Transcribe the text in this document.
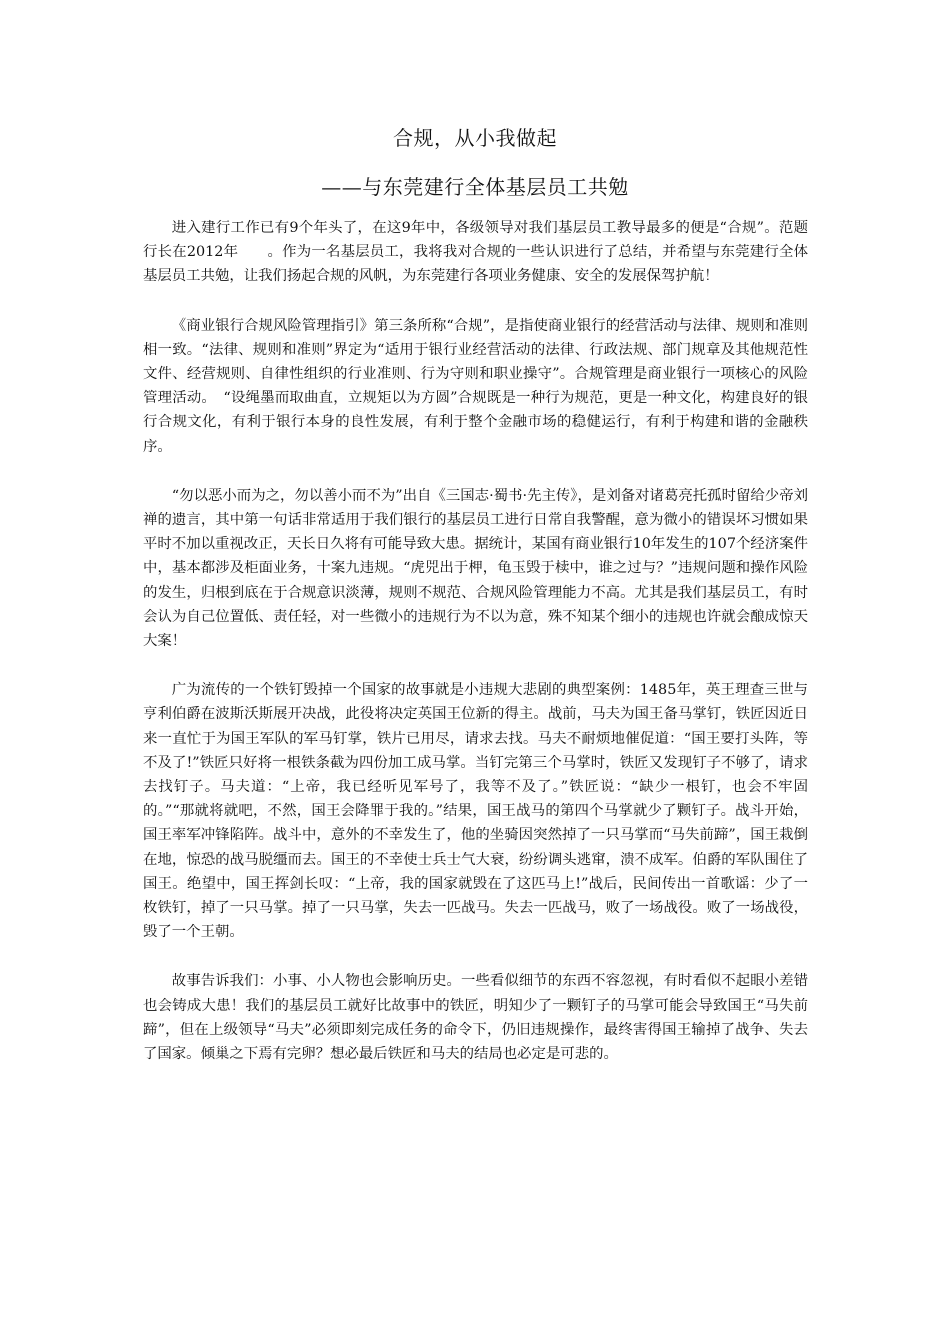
合规，从小我做起
——与东莞建行全体基层员工共勉

进入建行工作已有9个年头了，在这9年中，各级领导对我们基层员工教导最多的便是“合规”。范题行长在2012年　　。作为一名基层员工，我将我对合规的一些认识进行了总结，并希望与东莞建行全体基层员工共勉，让我们扬起合规的风帆，为东莞建行各项业务健康、安全的发展保驾护航！

《商业银行合规风险管理指引》第三条所称“合规”，是指使商业银行的经营活动与法律、规则和准则相一致。“法律、规则和准则”界定为“适用于银行业经营活动的法律、行政法规、部门规章及其他规范性文件、经营规则、自律性组织的行业准则、行为守则和职业操守”。合规管理是商业银行一项核心的风险管理活动。　“设绳墨而取曲直，立规矩以为方圆”合规既是一种行为规范，更是一种文化，构建良好的银行合规文化，有利于银行本身的良性发展，有利于整个金融市场的稳健运行，有利于构建和谐的金融秩序。

“勿以恶小而为之，勿以善小而不为”出自《三国志·蜀书·先主传》，是刘备对诸葛亮托孤时留给少帝刘禅的遗言，其中第一句话非常适用于我们银行的基层员工进行日常自我警醒，意为微小的错误坏习惯如果平时不加以重视改正，天长日久将有可能导致大患。据统计，某国有商业银行10年发生的107个经济案件中，基本都涉及柜面业务，十案九违规。“虎兕出于柙，龟玉毁于椟中，谁之过与？”违规问题和操作风险的发生，归根到底在于合规意识淡薄，规则不规范、合规风险管理能力不高。尤其是我们基层员工，有时会认为自己位置低、责任轻，对一些微小的违规行为不以为意，殊不知某个细小的违规也许就会酿成惊天大案！

广为流传的一个铁钉毁掉一个国家的故事就是小违规大悲剧的典型案例：1485年，英王理查三世与亨利伯爵在波斯沃斯展开决战，此役将决定英国王位新的得主。战前，马夫为国王备马掌钉，铁匠因近日来一直忙于为国王军队的军马钉掌，铁片已用尽，请求去找。马夫不耐烦地催促道：“国王要打头阵，等不及了!”铁匠只好将一根铁条截为四份加工成马掌。当钉完第三个马掌时，铁匠又发现钉子不够了，请求去找钉子。马夫道：“上帝，我已经听见军号了，我等不及了。”铁匠说：“缺少一根钉，也会不牢固的。”“那就将就吧，不然，国王会降罪于我的。”结果，国王战马的第四个马掌就少了颗钉子。战斗开始，国王率军冲锋陷阵。战斗中，意外的不幸发生了，他的坐骑因突然掉了一只马掌而“马失前蹄”，国王栽倒在地，惊恐的战马脱缰而去。国王的不幸使士兵士气大衰，纷纷调头逃窜，溃不成军。伯爵的军队围住了国王。绝望中，国王挥剑长叹：“上帝，我的国家就毁在了这匹马上!”战后，民间传出一首歌谣：少了一枚铁钉，掉了一只马掌。掉了一只马掌，失去一匹战马。失去一匹战马，败了一场战役。败了一场战役，毁了一个王朝。

故事告诉我们：小事、小人物也会影响历史。一些看似细节的东西不容忽视，有时看似不起眼小差错也会铸成大患！我们的基层员工就好比故事中的铁匠，明知少了一颗钉子的马掌可能会导致国王“马失前蹄”，但在上级领导“马夫”必须即刻完成任务的命令下，仍旧违规操作，最终害得国王输掉了战争、失去了国家。倾巢之下焉有完卵？想必最后铁匠和马夫的结局也必定是可悲的。
